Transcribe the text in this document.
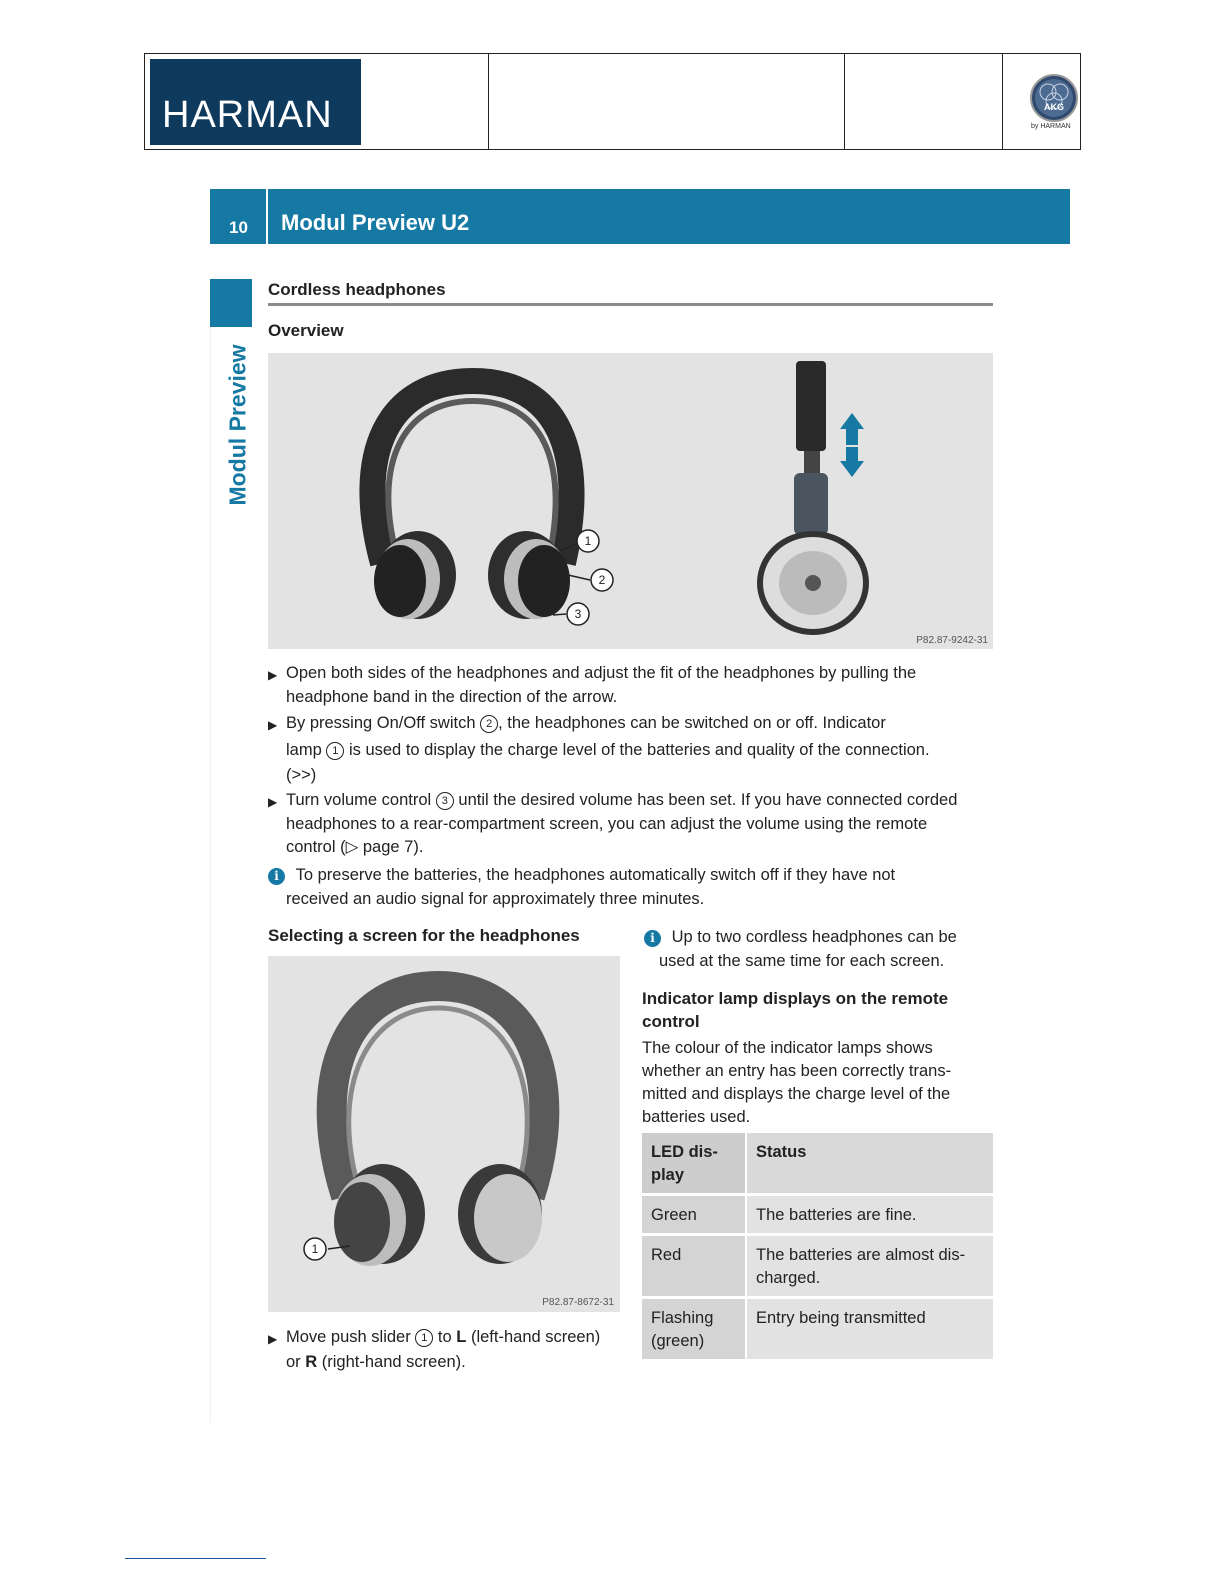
HARMAN	AKG
by HARMAN
10	Modul Preview U2
Modul Preview
Cordless headphones
Overview
1
2
3
P82.87-9242-31
▶ Open both sides of the headphones and adjust the fit of the headphones by pulling the
headphone band in the direction of the arrow.
▶ By pressing On/Off switch 2 , the headphones can be switched on or off. Indicator
lamp 1 is used to display the charge level of the batteries and quality of the connection.
(>>)
▶ Turn volume control 3 until the desired volume has been set. If you have connected corded
headphones to a rear-compartment screen, you can adjust the volume using the remote
control (▷ page 7).
i To preserve the batteries, the headphones automatically switch off if they have not
received an audio signal for approximately three minutes.
Selecting a screen for the headphones
1
P82.87-8672-31
▶ Move push slider 1 to L (left-hand screen)
or R (right-hand screen).
i Up to two cordless headphones can be
used at the same time for each screen.
Indicator lamp displays on the remote
control
The colour of the indicator lamps shows
whether an entry has been correctly trans-
mitted and displays the charge level of the
batteries used.
LED dis-
play	Status
Green	The batteries are fine.
Red	The batteries are almost dis-
charged.
Flashing
(green)	Entry being transmitted
